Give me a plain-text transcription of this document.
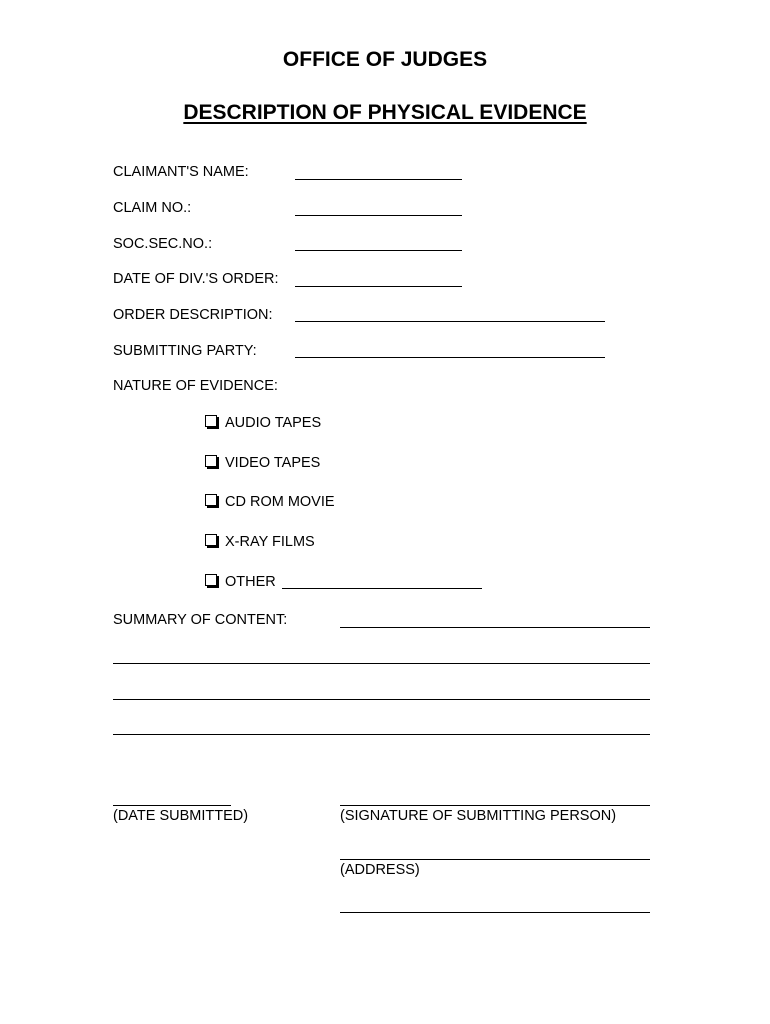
OFFICE OF JUDGES
DESCRIPTION OF PHYSICAL EVIDENCE
CLAIMANT'S NAME:
CLAIM NO.:
SOC.SEC.NO.:
DATE OF DIV.'S ORDER:
ORDER DESCRIPTION:
SUBMITTING PARTY:
NATURE OF EVIDENCE:
AUDIO TAPES
VIDEO TAPES
CD ROM MOVIE
X-RAY FILMS
OTHER
SUMMARY OF CONTENT:
(DATE SUBMITTED)	(SIGNATURE OF SUBMITTING PERSON)
(ADDRESS)
